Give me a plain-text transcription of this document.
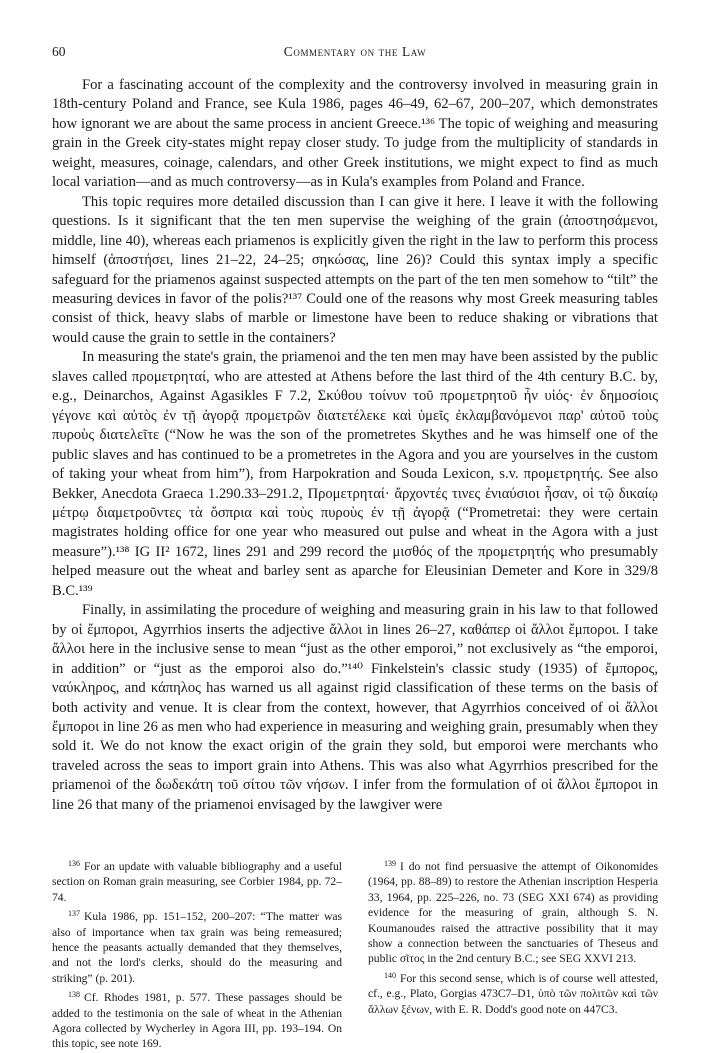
60	Commentary on the Law

For a fascinating account of the complexity and the controversy involved in measuring grain in 18th-century Poland and France, see Kula 1986, pages 46–49, 62–67, 200–207, which demonstrates how ignorant we are about the same process in ancient Greece.¹³⁶ The topic of weighing and measuring grain in the Greek city-states might repay closer study. To judge from the multiplicity of standards in weight, measures, coinage, calendars, and other Greek institutions, we might expect to find as much local variation—and as much controversy—as in Kula's examples from Poland and France.

This topic requires more detailed discussion than I can give it here. I leave it with the following questions. Is it significant that the ten men supervise the weighing of the grain (ἀποστησάμενοι, middle, line 40), whereas each priamenos is explicitly given the right in the law to perform this process himself (ἀποστήσει, lines 21–22, 24–25; σηκώσας, line 26)? Could this syntax imply a specific safeguard for the priamenos against suspected attempts on the part of the ten men somehow to “tilt” the measuring devices in favor of the polis?¹³⁷ Could one of the reasons why most Greek measuring tables consist of thick, heavy slabs of marble or limestone have been to reduce shaking or vibrations that would cause the grain to settle in the containers?

In measuring the state's grain, the priamenoi and the ten men may have been assisted by the public slaves called προμετρηταί, who are attested at Athens before the last third of the 4th century B.C. by, e.g., Deinarchos, Against Agasikles F 7.2, Σκύθου τοίνυν τοῦ προμετρητοῦ ἦν υἱός· ἐν δημοσίοις γέγονε καὶ αὐτὸς ἐν τῇ ἀγορᾷ προμετρῶν διατετέλεκε καὶ ὑμεῖς ἐκλαμβανόμενοι παρ' αὐτοῦ τοὺς πυροὺς διατελεῖτε (“Now he was the son of the prometretes Skythes and he was himself one of the public slaves and has continued to be a prometretes in the Agora and you are yourselves in the custom of taking your wheat from him”), from Harpokration and Souda Lexicon, s.v. προμετρητής. See also Bekker, Anecdota Graeca 1.290.33–291.2, Προμετρηταί· ἄρχοντές τινες ἐνιαύσιοι ἦσαν, οἱ τῷ δικαίῳ μέτρῳ διαμετροῦντες τὰ ὄσπρια καὶ τοὺς πυροὺς ἐν τῇ ἀγορᾷ (“Prometretai: they were certain magistrates holding office for one year who measured out pulse and wheat in the Agora with a just measure”).¹³⁸ IG II² 1672, lines 291 and 299 record the μισθός of the προμετρητής who presumably helped measure out the wheat and barley sent as aparche for Eleusinian Demeter and Kore in 329/8 B.C.¹³⁹

Finally, in assimilating the procedure of weighing and measuring grain in his law to that followed by οἱ ἔμποροι, Agyrrhios inserts the adjective ἄλλοι in lines 26–27, καθάπερ οἱ ἄλλοι ἔμποροι. I take ἄλλοι here in the inclusive sense to mean “just as the other emporoi,” not exclusively as “the emporoi, in addition” or “just as the emporoi also do.”¹⁴⁰ Finkelstein's classic study (1935) of ἔμπορος, ναύκληρος, and κάπηλος has warned us all against rigid classification of these terms on the basis of both activity and venue. It is clear from the context, however, that Agyrrhios conceived of οἱ ἄλλοι ἔμποροι in line 26 as men who had experience in measuring and weighing grain, presumably when they sold it. We do not know the exact origin of the grain they sold, but emporoi were merchants who traveled across the seas to import grain into Athens. This was also what Agyrrhios prescribed for the priamenoi of the δωδεκάτη τοῦ σίτου τῶν νήσων. I infer from the formulation of οἱ ἄλλοι ἔμποροι in line 26 that many of the priamenoi envisaged by the lawgiver were

$^{136}$ For an update with valuable bibliography and a useful section on Roman grain measuring, see Corbier 1984, pp. 72–74.

$^{137}$ Kula 1986, pp. 151–152, 200–207: “The matter was also of importance when tax grain was being remeasured; hence the peasants actually demanded that they themselves, and not the lord's clerks, should do the measuring and striking” (p. 201).

$^{138}$ Cf. Rhodes 1981, p. 577. These passages should be added to the testimonia on the sale of wheat in the Athenian Agora collected by Wycherley in Agora III, pp. 193–194. On this topic, see note 169.

$^{139}$ I do not find persuasive the attempt of Oikonomides (1964, pp. 88–89) to restore the Athenian inscription Hesperia 33, 1964, pp. 225–226, no. 73 (SEG XXI 674) as providing evidence for the measuring of grain, although S. N. Koumanoudes raised the attractive possibility that it may show a connection between the sanctuaries of Theseus and public σῖτος in the 2nd century B.C.; see SEG XXVI 213.

$^{140}$ For this second sense, which is of course well attested, cf., e.g., Plato, Gorgias 473C7–D1, ὑπὸ τῶν πολιτῶν καὶ τῶν ἄλλων ξένων, with E. R. Dodd's good note on 447C3.
